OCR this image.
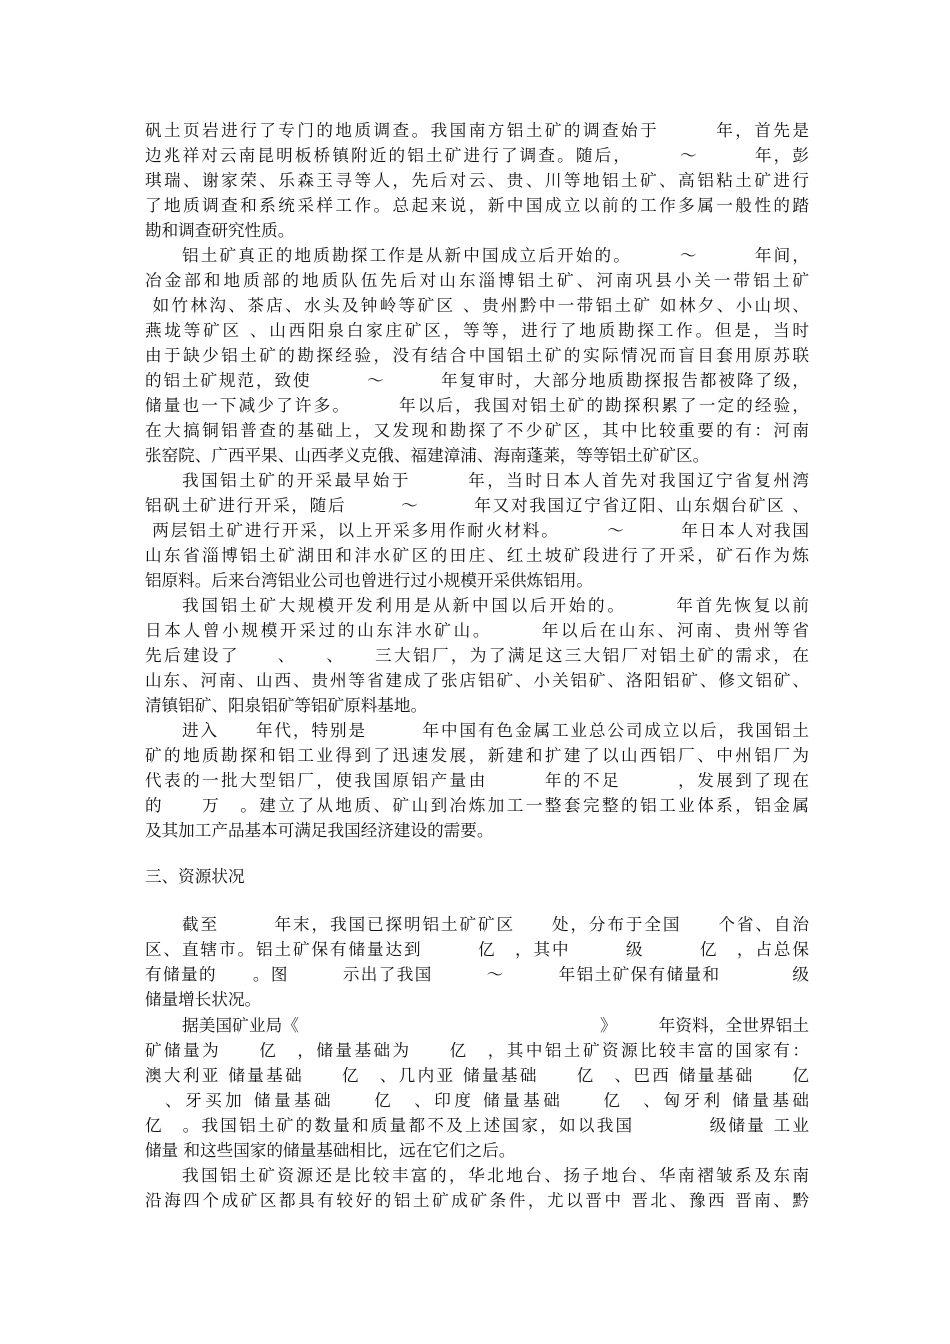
矾土页岩进行了专门的地质调查。我国南方铝土矿的调查始于　　　年，首先是
边兆祥对云南昆明板桥镇附近的铝土矿进行了调查。随后，　　　～　　　年，彭
琪瑞、谢家荣、乐森王寻等人，先后对云、贵、川等地铝土矿、高铝粘土矿进行
了地质调查和系统采样工作。总起来说，新中国成立以前的工作多属一般性的踏
勘和调查研究性质。
铝土矿真正的地质勘探工作是从新中国成立后开始的。　　　～　　　年间，
冶金部和地质部的地质队伍先后对山东淄博铝土矿、河南巩县小关一带铝土矿
如竹林沟、茶店、水头及钟岭等矿区 、贵州黔中一带铝土矿 如林夕、小山坝、
燕垅等矿区 、山西阳泉白家庄矿区，等等，进行了地质勘探工作。但是，当时
由于缺少铝土矿的勘探经验，没有结合中国铝土矿的实际情况而盲目套用原苏联
的铝土矿规范，致使　　　～　　　年复审时，大部分地质勘探报告都被降了级，
储量也一下减少了许多。　　　年以后，我国对铝土矿的勘探积累了一定的经验，
在大搞铜铝普查的基础上，又发现和勘探了不少矿区，其中比较重要的有：河南
张窑院、广西平果、山西孝义克俄、福建漳浦、海南蓬莱，等等铝土矿矿区。
我国铝土矿的开采最早始于　　　年，当时日本人首先对我国辽宁省复州湾
铝矾土矿进行开采，随后　　　～　　　年又对我国辽宁省辽阳、山东烟台矿区 、
两层铝土矿进行开采，以上开采多用作耐火材料。　　　～　　　年日本人对我国
山东省淄博铝土矿湖田和沣水矿区的田庄、红土坡矿段进行了开采，矿石作为炼
铝原料。后来台湾铝业公司也曾进行过小规模开采供炼铝用。
我国铝土矿大规模开发利用是从新中国以后开始的。　　　年首先恢复以前
日本人曾小规模开采过的山东沣水矿山。　　　年以后在山东、河南、贵州等省
先后建设了　　、　　、　　三大铝厂，为了满足这三大铝厂对铝土矿的需求，在
山东、河南、山西、贵州等省建成了张店铝矿、小关铝矿、洛阳铝矿、修文铝矿、
清镇铝矿、阳泉铝矿等铝矿原料基地。
进入　　年代，特别是　　　年中国有色金属工业总公司成立以后，我国铝土
矿的地质勘探和铝工业得到了迅速发展，新建和扩建了以山西铝厂、中州铝厂为
代表的一批大型铝厂，使我国原铝产量由　　　年的不足　　　，发展到了现在
的　　万　。建立了从地质、矿山到冶炼加工一整套完整的铝工业体系，铝金属
及其加工产品基本可满足我国经济建设的需要。
三、资源状况
截至　　　年末，我国已探明铝土矿矿区　　处，分布于全国　　个省、自治
区、直辖市。铝土矿保有储量达到　　　亿　，其中　　　级　　　亿　，占总保
有储量的　　。图　　　示出了我国　　　～　　　年铝土矿保有储量和　　　　级
储量增长状况。
据美国矿业局《　　　　　　　　　　　　　　　　　　》　　　年资料，全世界铝土
矿储量为　　亿　，储量基础为　　亿　，其中铝土矿资源比较丰富的国家有：
澳大利亚 储量基础　　亿　、几内亚 储量基础　　亿　、巴西 储量基础　　亿
　、牙买加 储量基础　　亿　、印度 储量基础　　亿　、匈牙利 储量基础
亿　。我国铝土矿的数量和质量都不及上述国家，如以我国　　　　级储量 工业
储量 和这些国家的储量基础相比，远在它们之后。
我国铝土矿资源还是比较丰富的，华北地台、扬子地台、华南褶皱系及东南
沿海四个成矿区都具有较好的铝土矿成矿条件，尤以晋中 晋北、豫西 晋南、黔
